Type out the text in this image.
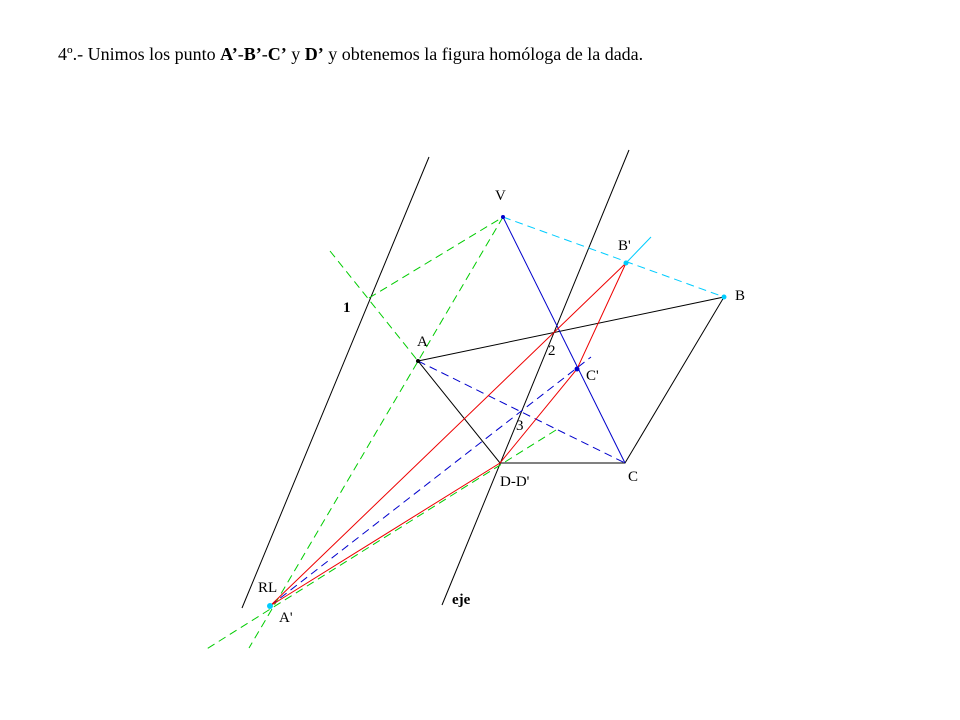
4º.- Unimos los punto A’-B’-C’ y D’ y obtenemos la figura homóloga de la dada.
V
B'
B
1
A
2
C'
3
C
D-D'
RL
A'
eje
